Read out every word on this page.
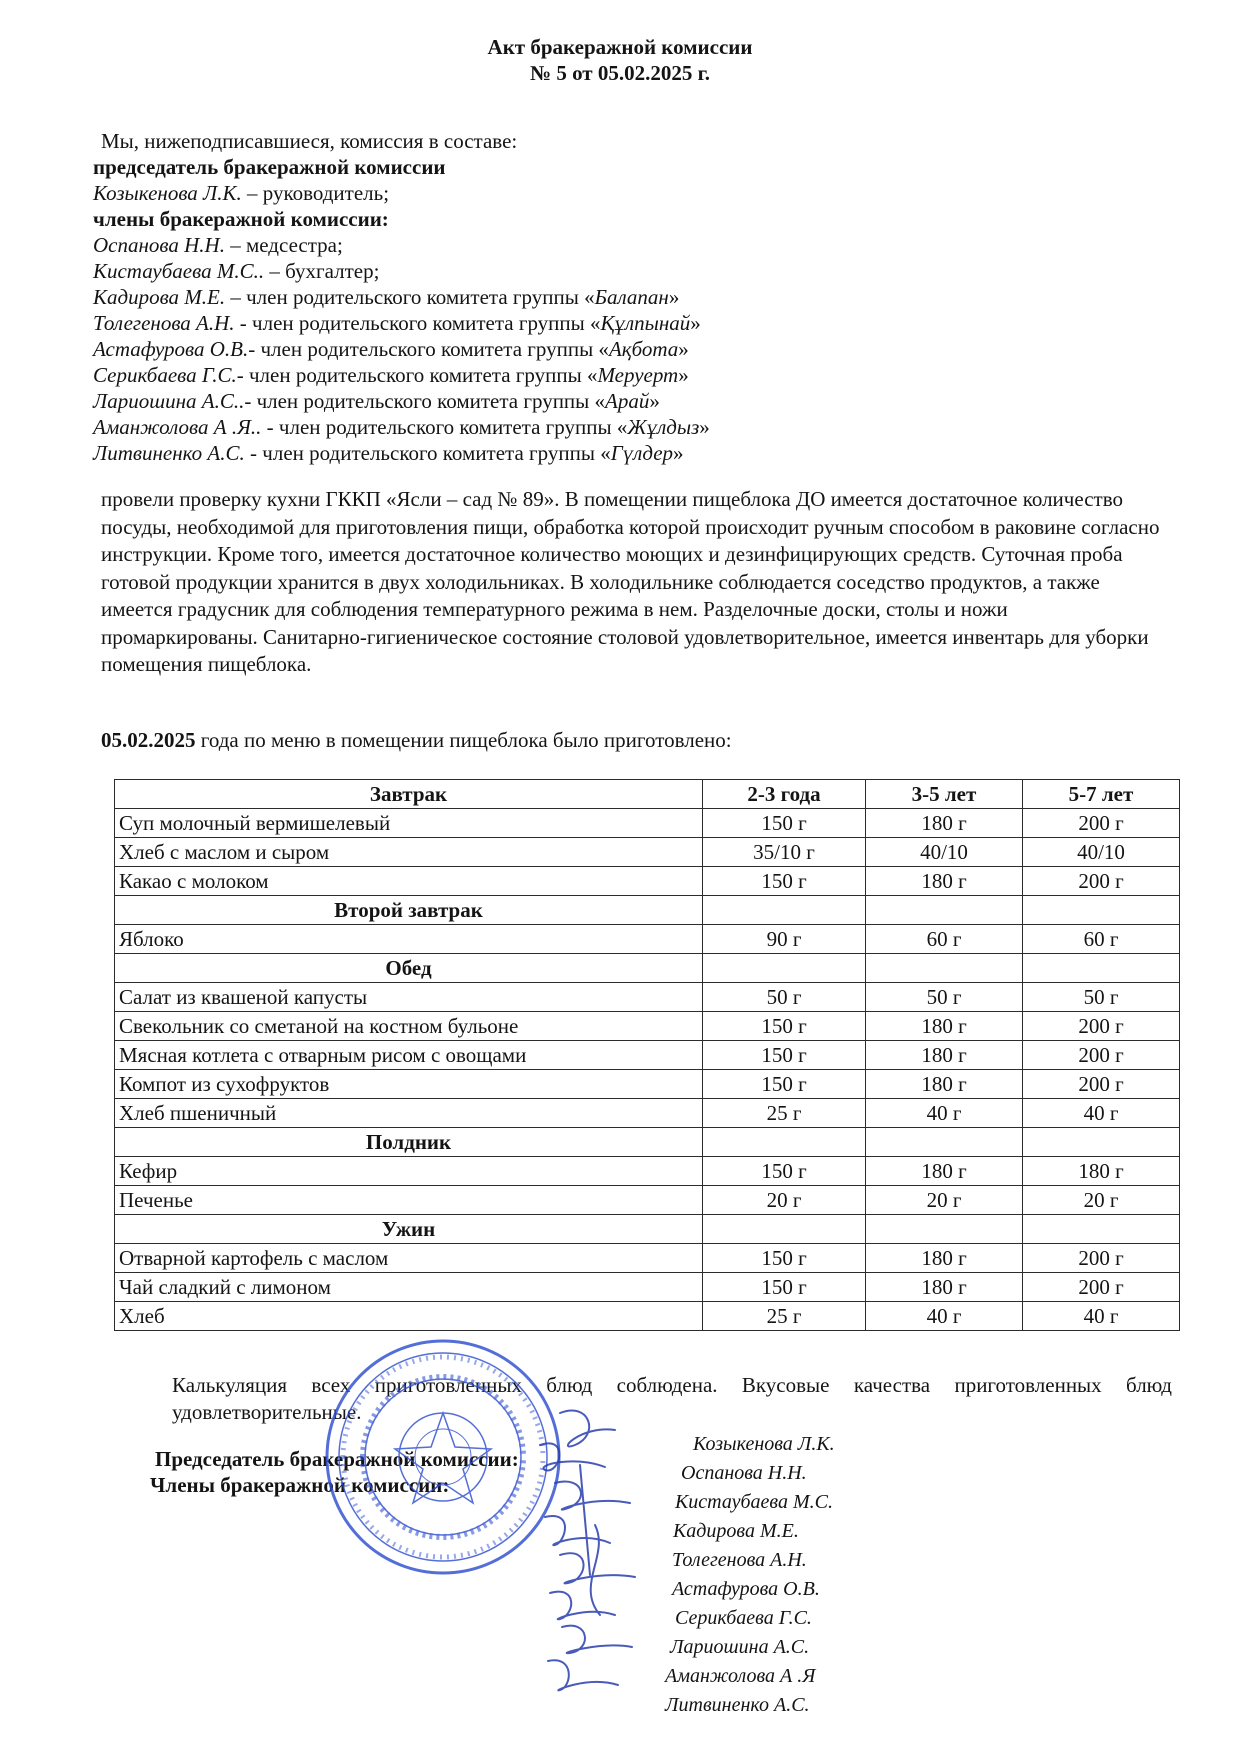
Акт бракеражной комиссии
№ 5 от 05.02.2025 г.
Мы, нижеподписавшиеся, комиссия в составе:
председатель бракеражной комиссии
Козыкенова Л.К. – руководитель;
члены бракеражной комиссии:
Оспанова Н.Н. – медсестра;
Кистаубаева М.С.. – бухгалтер;
Кадирова М.Е. – член родительского комитета группы «Балапан»
Толегенова А.Н. - член родительского комитета группы «Құлпынай»
Астафурова О.В.- член родительского комитета группы «Ақбота»
Серикбаева Г.С.- член родительского комитета группы «Меруерт»
Лариошина А.С..- член родительского комитета группы «Арай»
Аманжолова А .Я.. - член родительского комитета группы «Жұлдыз»
Литвиненко А.С. - член родительского комитета группы «Гүлдер»
провели проверку кухни ГККП «Ясли – сад № 89». В помещении пищеблока ДО имеется достаточное количество посуды, необходимой для приготовления пищи, обработка которой происходит ручным способом в раковине согласно инструкции. Кроме того, имеется достаточное количество моющих и дезинфицирующих средств. Суточная проба готовой продукции хранится в двух холодильниках. В холодильнике соблюдается соседство продуктов, а также имеется градусник для соблюдения температурного режима в нем. Разделочные доски, столы и ножи промаркированы. Санитарно-гигиеническое состояние столовой удовлетворительное, имеется инвентарь для уборки помещения пищеблока.
05.02.2025 года по меню в помещении пищеблока было приготовлено:
Завтрак	2-3 года	3-5 лет	5-7 лет
Суп молочный вермишелевый	150 г	180 г	200 г
Хлеб с маслом и сыром	35/10 г	40/10	40/10
Какао с молоком	150 г	180 г	200 г
Второй завтрак			
Яблоко	90 г	60 г	60 г
Обед			
Салат из квашеной капусты	50 г	50 г	50 г
Свекольник со сметаной на костном бульоне	150 г	180 г	200 г
Мясная котлета с отварным рисом с овощами	150 г	180 г	200 г
Компот из сухофруктов	150 г	180 г	200 г
Хлеб пшеничный	25 г	40 г	40 г
Полдник			
Кефир	150 г	180 г	180 г
Печенье	20 г	20 г	20 г
Ужин			
Отварной картофель с маслом	150 г	180 г	200 г
Чай сладкий с лимоном	150 г	180 г	200 г
Хлеб	25 г	40 г	40 г
Калькуляция всех приготовленных блюд соблюдена. Вкусовые качества приготовленных блюд удовлетворительные.
Председатель бракеражной комиссии:
Члены бракеражной комиссии:
Козыкенова Л.К.
Оспанова Н.Н.
Кистаубаева М.С.
Кадирова М.Е.
Толегенова А.Н.
Астафурова О.В.
Серикбаева Г.С.
Лариошина А.С.
Аманжолова А .Я
Литвиненко А.С.
